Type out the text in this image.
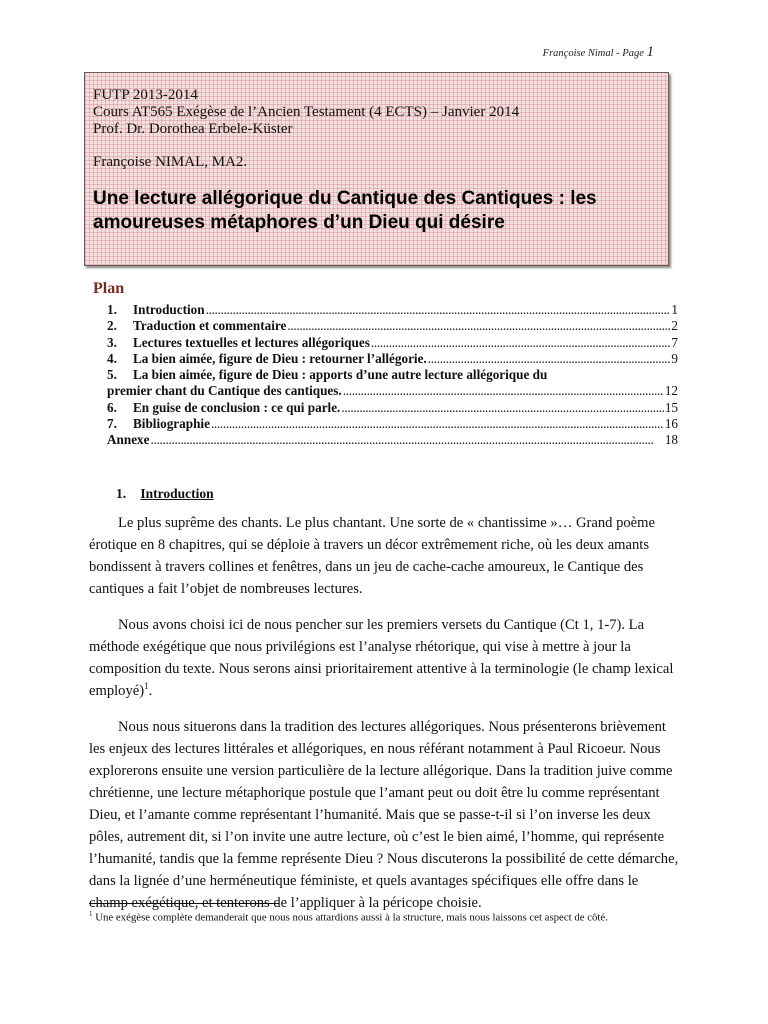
Françoise Nimal - Page 1

FUTP 2013-2014

Cours AT565 Exégèse de l’Ancien Testament (4 ECTS) – Janvier 2014

Prof. Dr. Dorothea Erbele-Küster

Françoise NIMAL, MA2.

Une lecture allégorique du Cantique des Cantiques : les amoureuses métaphores d’un Dieu qui désire
Plan
1.	Introduction . . .	1
2.	Traduction et commentaire . . .	2
3.	Lectures textuelles et lectures allégoriques . . .	7
4.	La bien aimée, figure de Dieu : retourner l’allégorie. . . .	9
5.	La bien aimée, figure de Dieu : apports d’une autre lecture allégorique du
premier chant du Cantique des cantiques. . . .	12
6.	En guise de conclusion : ce qui parle. . . .	15
7.	Bibliographie . . .	16
Annexe . . .	18
1. Introduction

Le plus suprême des chants. Le plus chantant. Une sorte de « chantissime »… Grand poème érotique en 8 chapitres, qui se déploie à travers un décor extrêmement riche, où les deux amants bondissent à travers collines et fenêtres, dans un jeu de cache-cache amoureux, le Cantique des cantiques a fait l’objet de nombreuses lectures.

Nous avons choisi ici de nous pencher sur les premiers versets du Cantique (Ct 1, 1-7). La méthode exégétique que nous privilégions est l’analyse rhétorique, qui vise à mettre à jour la composition du texte. Nous serons ainsi prioritairement attentive à la terminologie (le champ lexical employé)$^1$.

Nous nous situerons dans la tradition des lectures allégoriques. Nous présenterons brièvement les enjeux des lectures littérales et allégoriques, en nous référant notamment à Paul Ricoeur. Nous explorerons ensuite une version particulière de la lecture allégorique. Dans la tradition juive comme chrétienne, une lecture métaphorique postule que l’amant peut ou doit être lu comme représentant Dieu, et l’amante comme représentant l’humanité. Mais que se passe-t-il si l’on inverse les deux pôles, autrement dit, si l’on invite une autre lecture, où c’est le bien aimé, l’homme, qui représente l’humanité, tandis que la femme représente Dieu ? Nous discuterons la possibilité de cette démarche, dans la lignée d’une herméneutique féministe, et quels avantages spécifiques elle offre dans le champ exégétique, et tenterons de l’appliquer à la péricope choisie.

$^1$ Une exégèse complète demanderait que nous nous attardions aussi à la structure, mais nous laissons cet aspect de côté.
